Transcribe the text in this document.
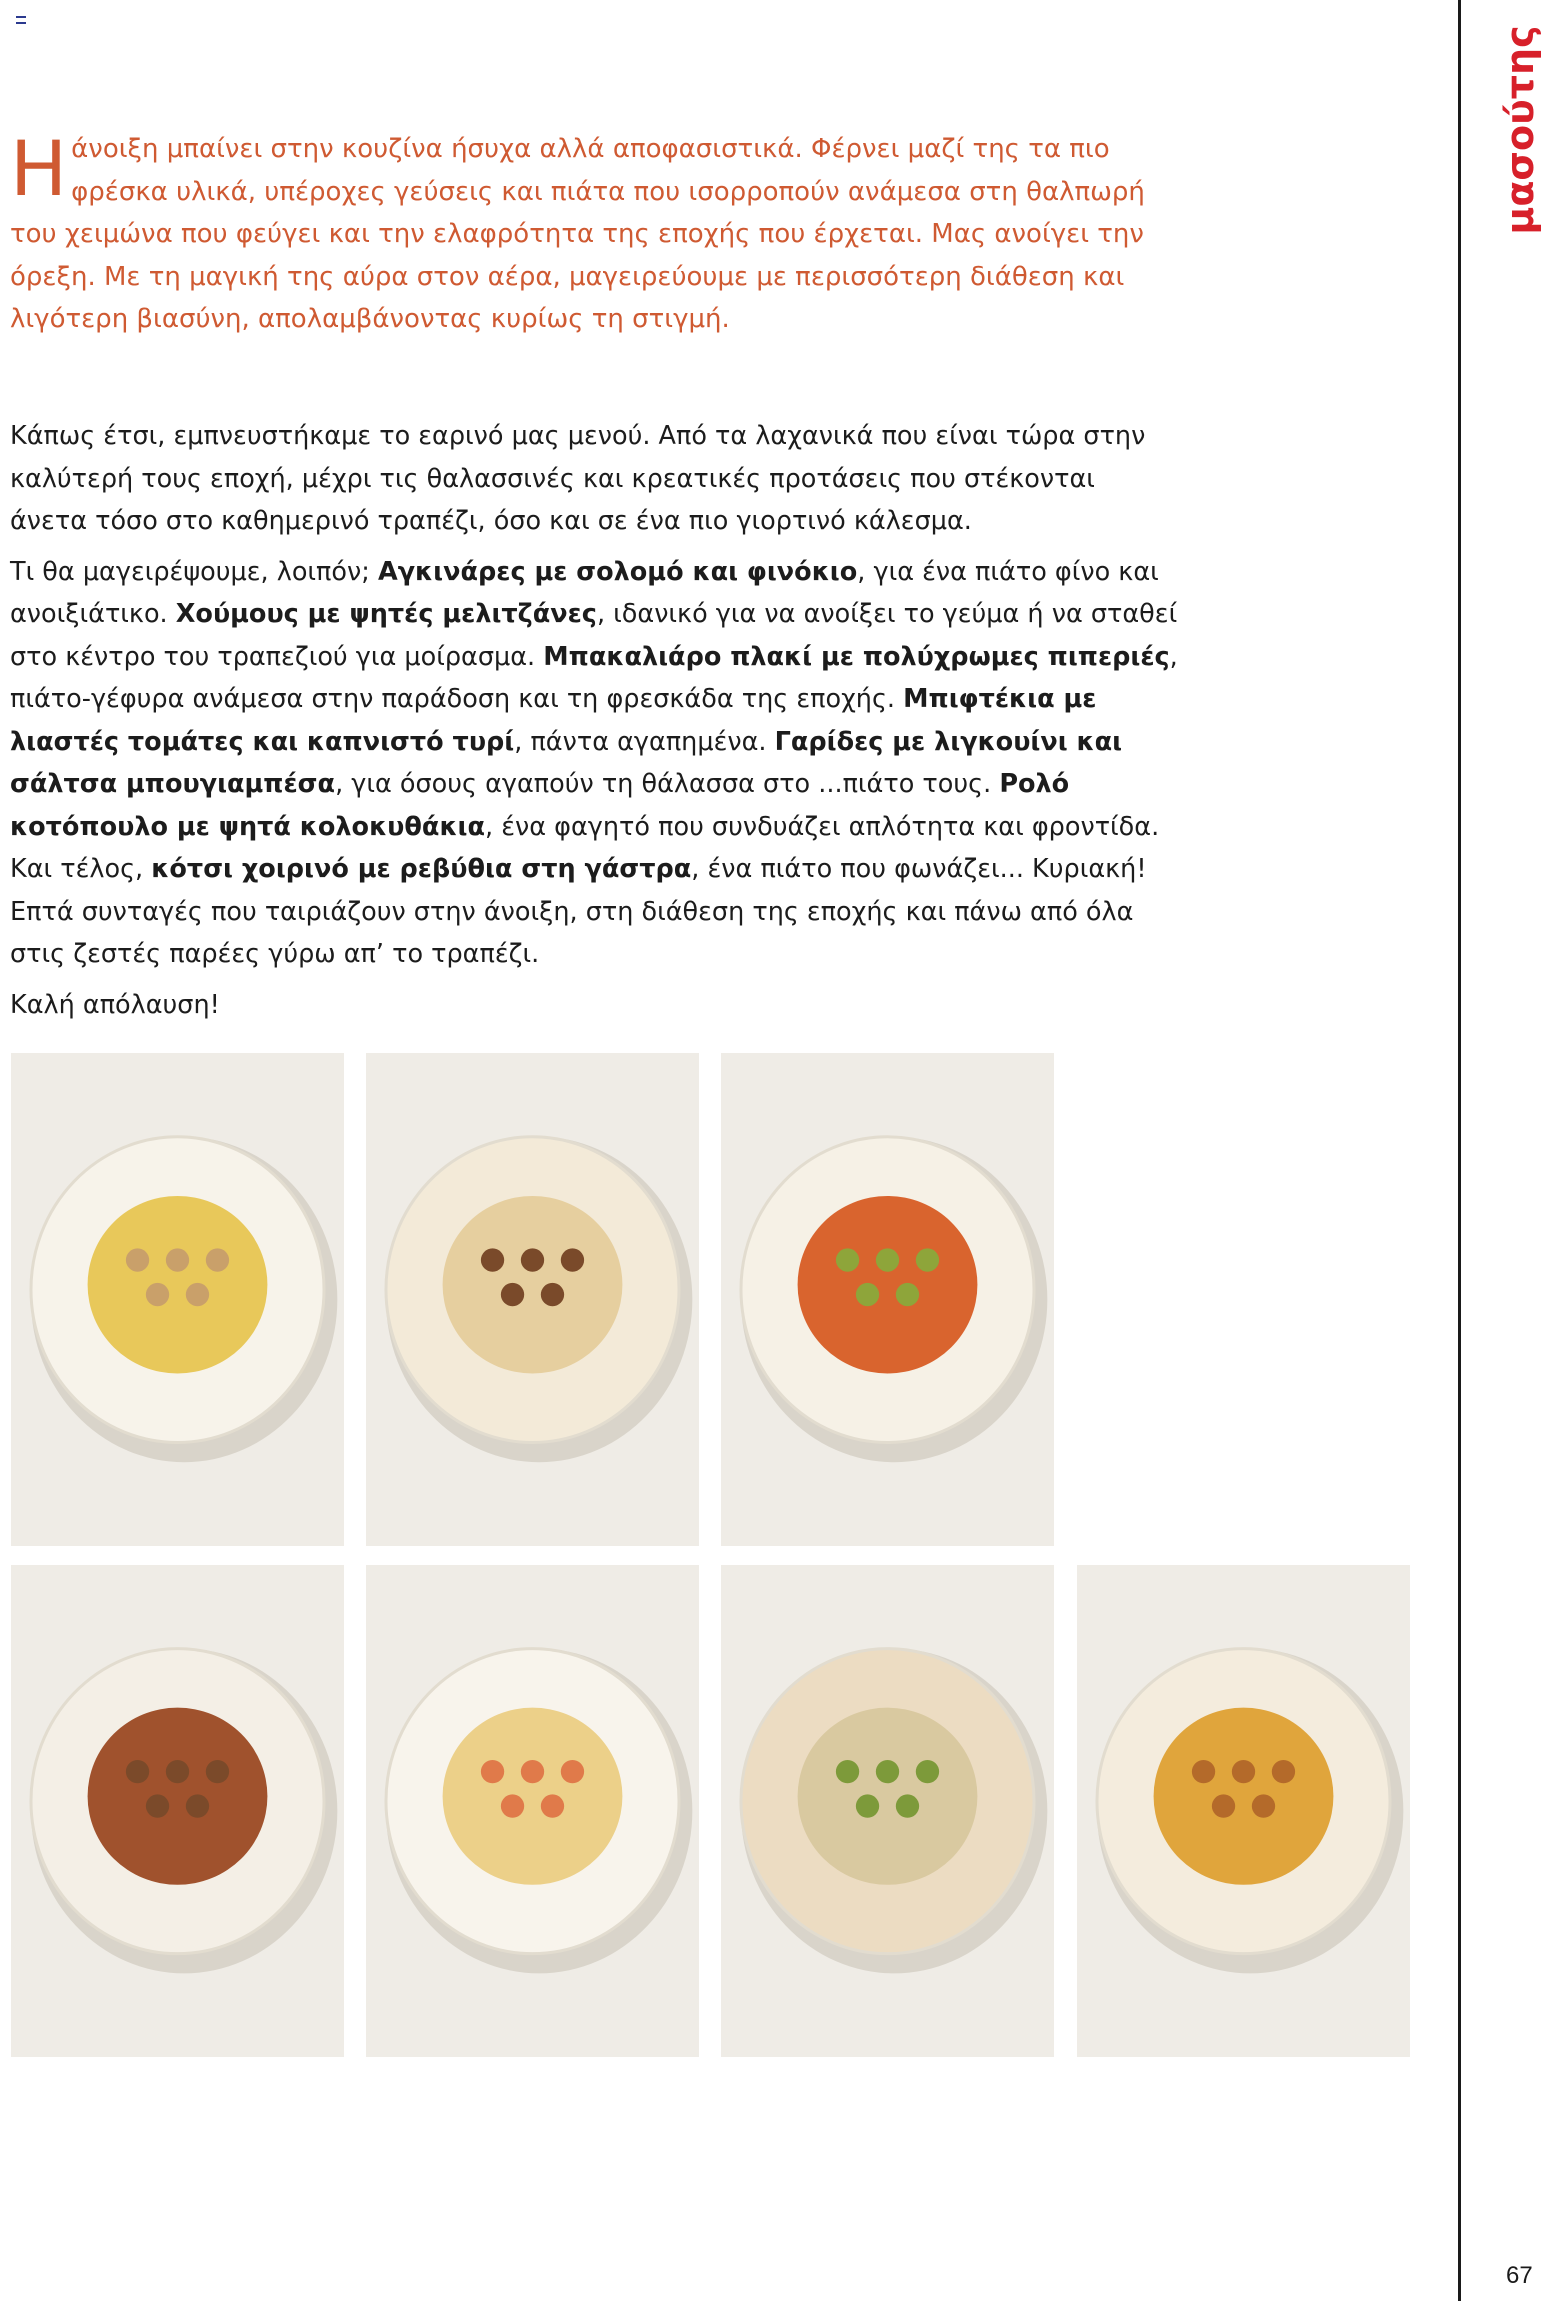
μασούτης
Ηάνοιξη μπαίνει στην κουζίνα ήσυχα αλλά αποφασιστικά. Φέρνει μαζί της τα πιο φρέσκα υλικά, υπέροχες γεύσεις και πιάτα που ισορροπούν ανάμεσα στη θαλπωρή του χειμώνα που φεύγει και την ελαφρότητα της εποχής που έρχεται. Μας ανοίγει την όρεξη. Με τη μαγική της αύρα στον αέρα, μαγειρεύουμε με περισσότερη διάθεση και λιγότερη βιασύνη, απολαμβάνοντας κυρίως τη στιγμή.

Κάπως έτσι, εμπνευστήκαμε το εαρινό μας μενού. Από τα λαχανικά που είναι τώρα στην καλύτερή τους εποχή, μέχρι τις θαλασσινές και κρεατικές προτάσεις που στέκονται άνετα τόσο στο καθημερινό τραπέζι, όσο και σε ένα πιο γιορτινό κάλεσμα.

Τι θα μαγειρέψουμε, λοιπόν; Αγκινάρες με σολομό και φινόκιο, για ένα πιάτο φίνο και ανοιξιάτικο. Χούμους με ψητές μελιτζάνες, ιδανικό για να ανοίξει το γεύμα ή να σταθεί στο κέντρο του τραπεζιού για μοίρασμα. Μπακαλιάρο πλακί με πολύχρωμες πιπεριές, πιάτο-γέφυρα ανάμεσα στην παράδοση και τη φρεσκάδα της εποχής. Μπιφτέκια με λιαστές τομάτες και καπνιστό τυρί, πάντα αγαπημένα. Γαρίδες με λιγκουίνι και σάλτσα μπουγιαμπέσα, για όσους αγαπούν τη θάλασσα στο ...πιάτο τους. Ρολό κοτόπουλο με ψητά κολοκυθάκια, ένα φαγητό που συνδυάζει απλότητα και φροντίδα. Και τέλος, κότσι χοιρινό με ρεβύθια στη γάστρα, ένα πιάτο που φωνάζει... Κυριακή! Επτά συνταγές που ταιριάζουν στην άνοιξη, στη διάθεση της εποχής και πάνω από όλα στις ζεστές παρέες γύρω απ’ το τραπέζι.

Καλή απόλαυση!

67
